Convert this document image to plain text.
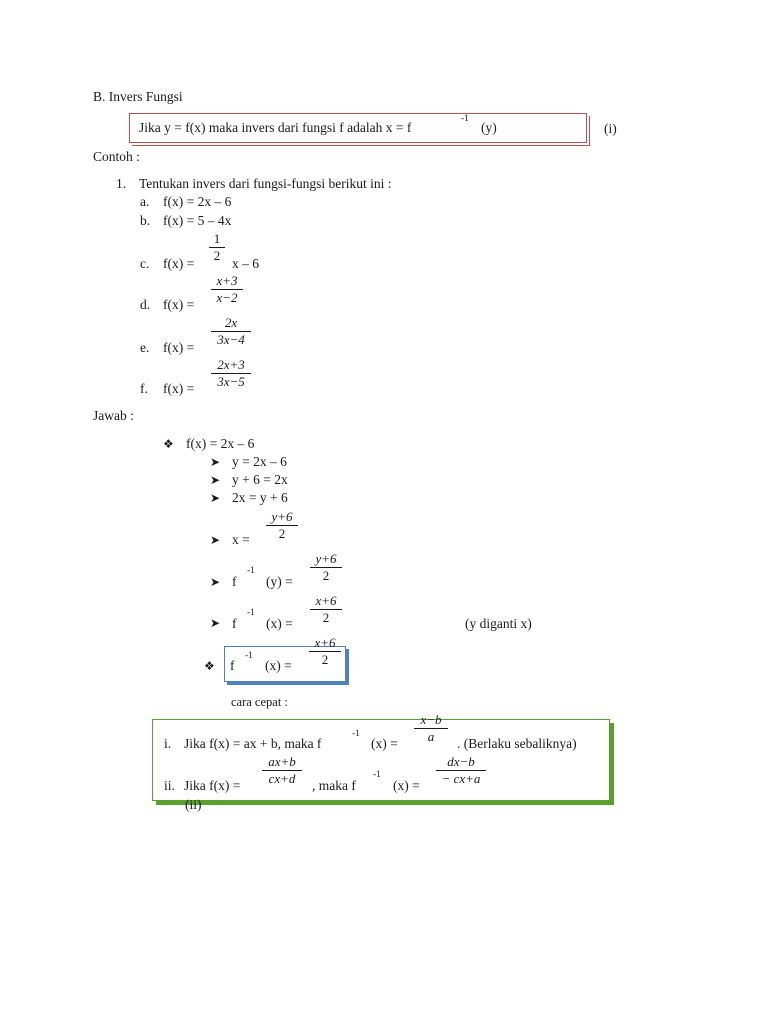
B. Invers Fungsi
Jika y = f(x) maka invers dari fungsi f adalah x = f
-1
(y)	(i)
Contoh :
1. Tentukan invers dari fungsi-fungsi berikut ini :
a. f(x) = 2x – 6
b. f(x) = 5 – 4x
c. f(x) =
1
2
x – 6
d. f(x) =
x+3
x−2
e. f(x) =
2x
3x−4
f. f(x) =
2x+3
3x−5
Jawab :
❖ f(x) = 2x – 6
➤ y = 2x – 6
➤ y + 6 = 2x
➤ 2x = y + 6
➤ x =
y+6
2
➤ f
-1
(y) =
y+6
2
➤ f
-1
(x) =
x+6
2	(y diganti x)
❖ f
-1
(x) =
x+6
2
cara cepat :
i. Jika f(x) = ax + b, maka f
-1
(x) =
x−b
a . (Berlaku sebaliknya)
ii. Jika f(x) =
ax+b
cx+d , maka f
-1
(x) =
dx−b
− cx+a
(ii)
